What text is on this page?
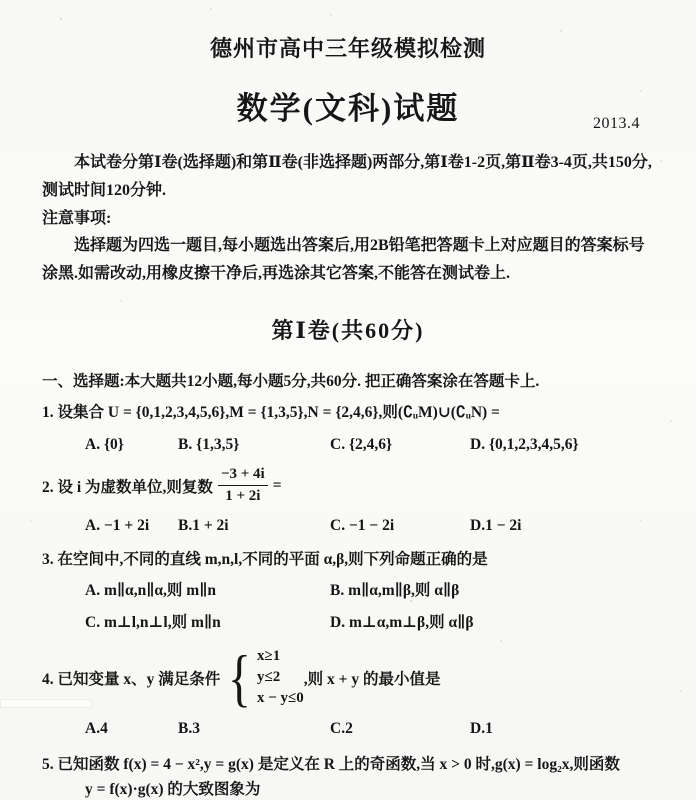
德州市高中三年级模拟检测
数学(文科)试题	2013.4
本试卷分第Ⅰ卷(选择题)和第Ⅱ卷(非选择题)两部分,第Ⅰ卷1-2页,第Ⅱ卷3-4页,共150分,测试时间120分钟.
注意事项:
选择题为四选一题目,每小题选出答案后,用2B铅笔把答题卡上对应题目的答案标号涂黑.如需改动,用橡皮擦干净后,再选涂其它答案,不能答在测试卷上.
第Ⅰ卷(共60分)
一、选择题:本大题共12小题,每小题5分,共60分. 把正确答案涂在答题卡上.
1. 设集合 U = {0,1,2,3,4,5,6},M = {1,3,5},N = {2,4,6},则(∁ᵤM)∪(∁ᵤN) =
A. {0}	B. {1,3,5}	C. {2,4,6}	D. {0,1,2,3,4,5,6}
2. 设 i 为虚数单位,则复数 $\frac{-3 + 4i}{1 + 2i}$ =
A. −1 + 2i	B.1 + 2i	C. −1 − 2i	D.1 − 2i
3. 在空间中,不同的直线 m,n,l,不同的平面 α,β,则下列命题正确的是
A. m∥α,n∥α,则 m∥n	B. m∥α,m∥β,则 α∥β
C. m⊥l,n⊥l,则 m∥n	D. m⊥α,m⊥β,则 α∥β
4. 已知变量 x、y 满足条件 { x≥1
y≤2
x − y≤0
,则 x + y 的最小值是
A.4	B.3	C.2	D.1
5. 已知函数 f(x) = 4 − x²,y = g(x) 是定义在 R 上的奇函数,当 x > 0 时,g(x) = log₂x,则函数
y = f(x)·g(x) 的大致图象为
